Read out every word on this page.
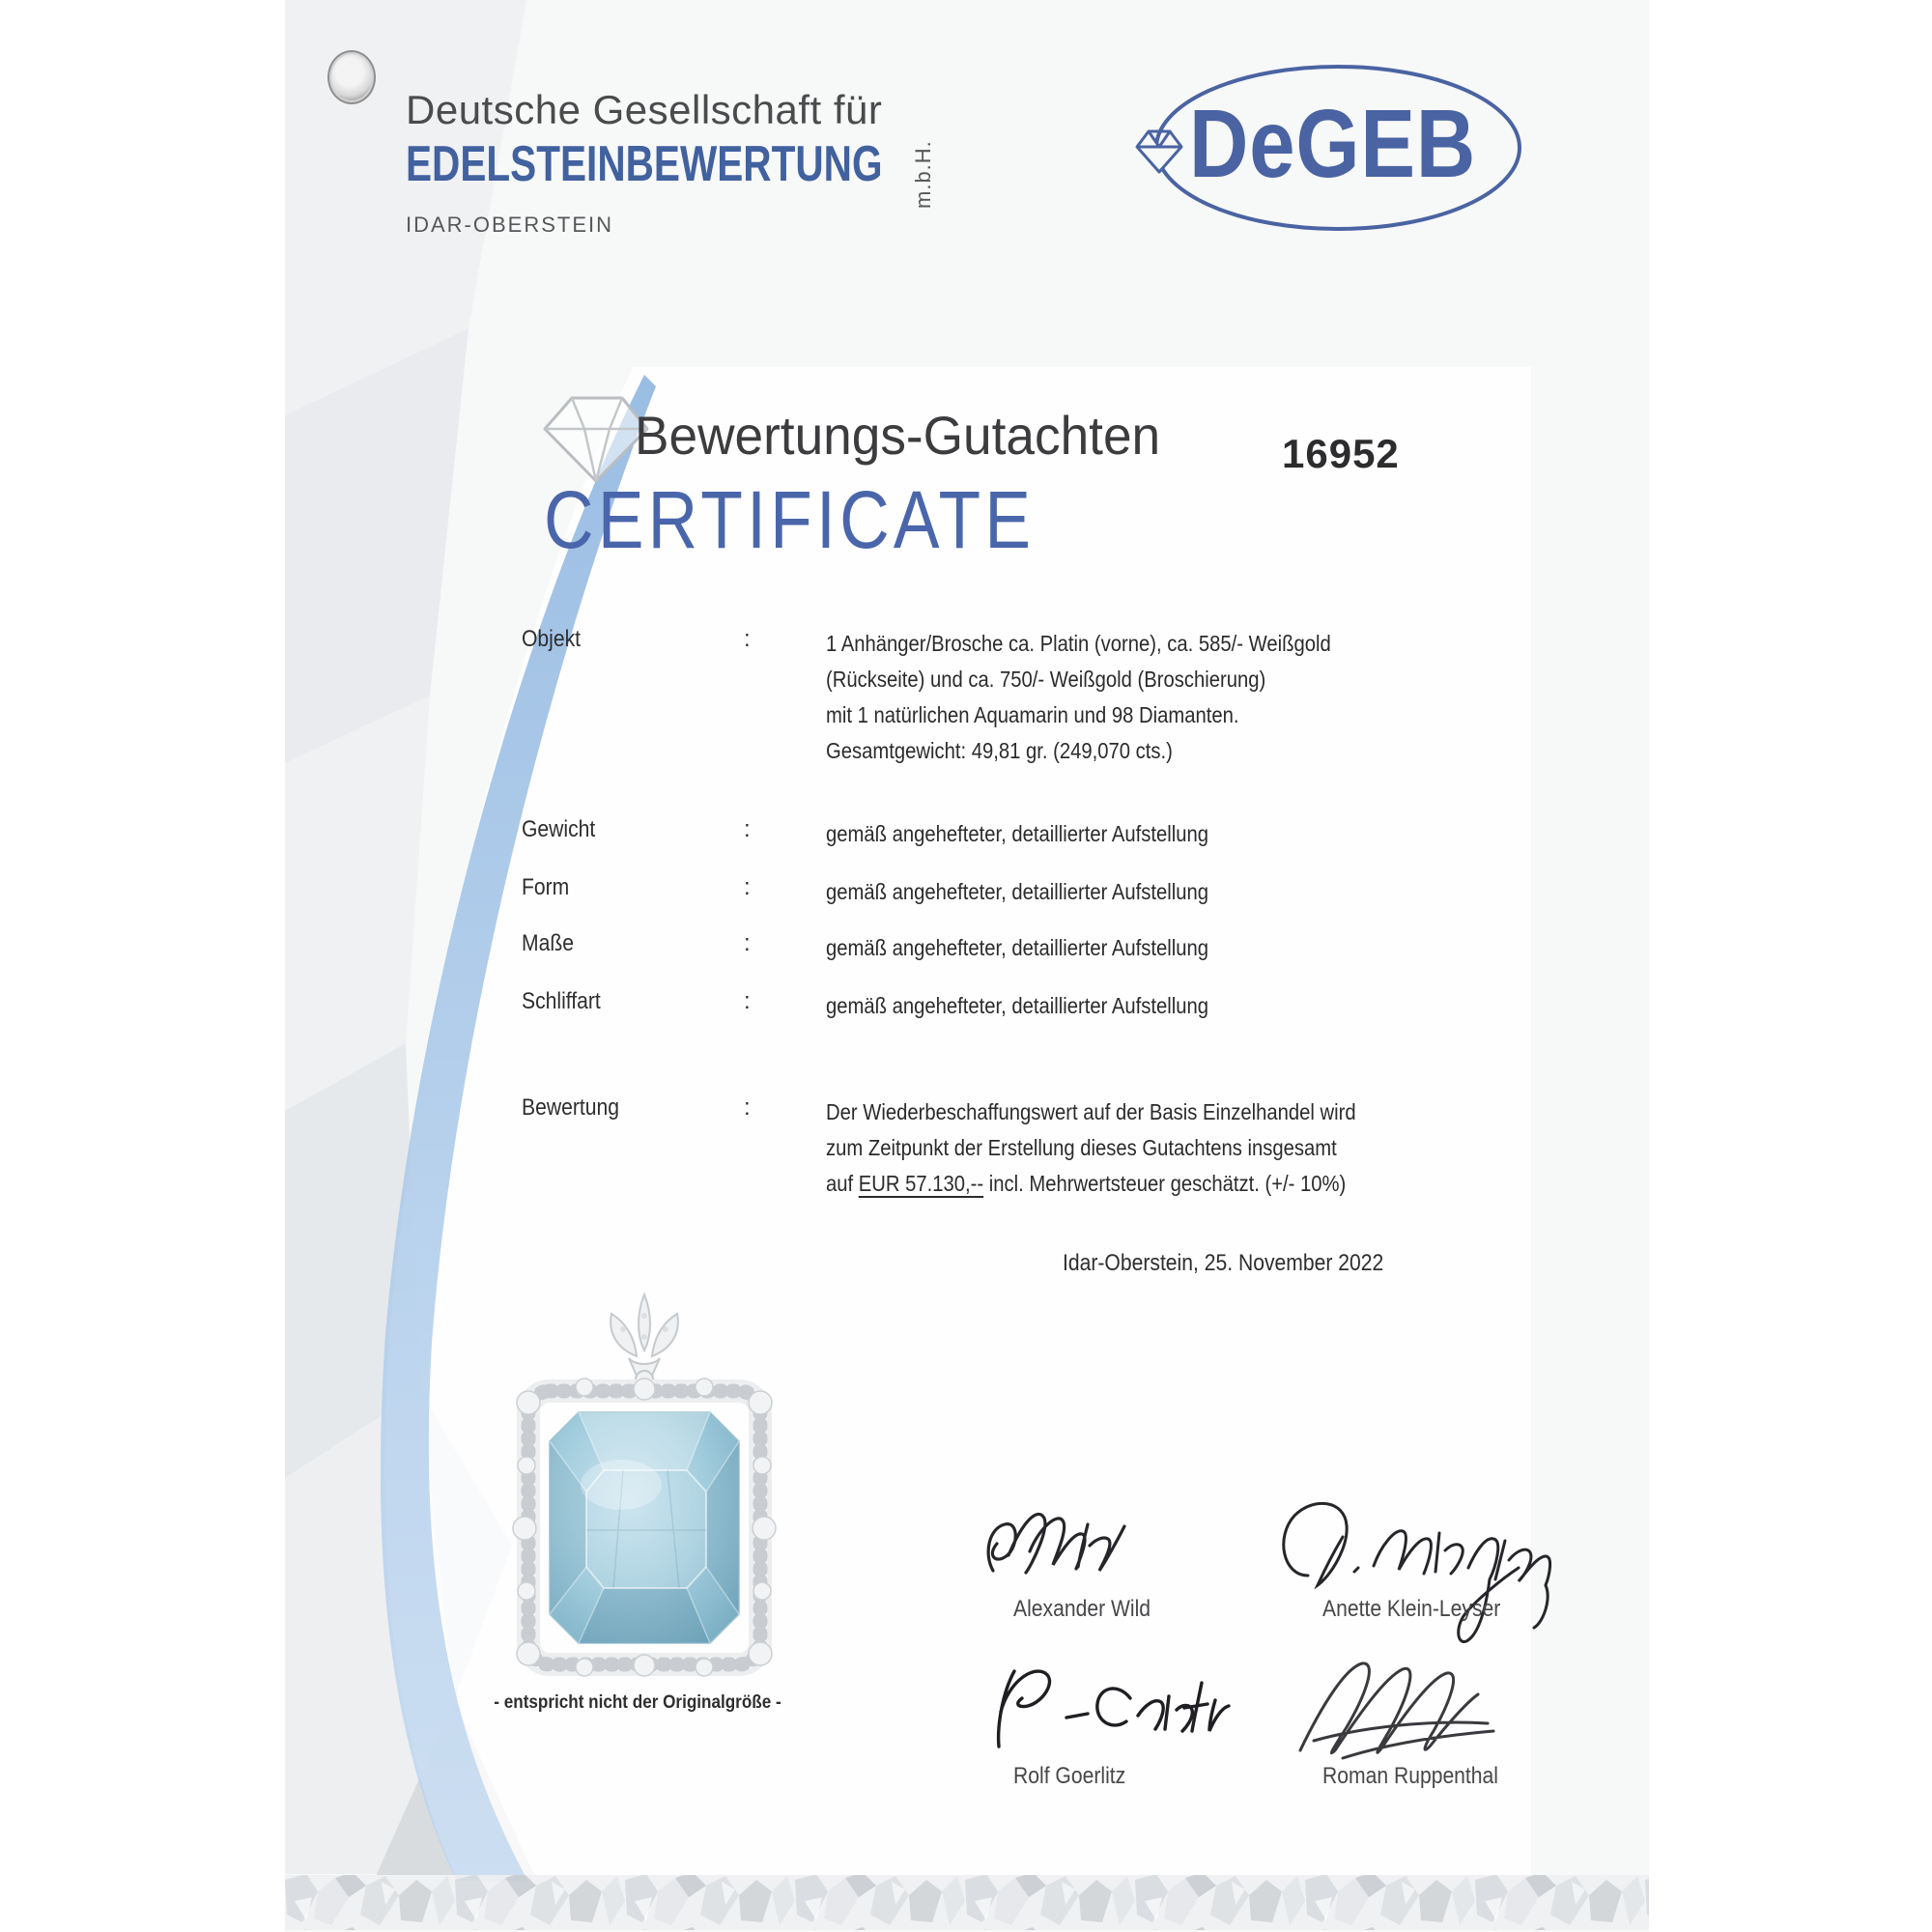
Deutsche Gesellschaft für
EDELSTEINBEWERTUNG
IDAR-OBERSTEIN
m.b.H.	DeGEB
Bewertungs-Gutachten	16952
CERTIFICATE
Objekt	:	1 Anhänger/Brosche ca. Platin (vorne), ca. 585/- Weißgold
(Rückseite) und ca. 750/- Weißgold (Broschierung)
mit 1 natürlichen Aquamarin und 98 Diamanten.
Gesamtgewicht: 49,81 gr. (249,070 cts.)
Gewicht	:	gemäß angehefteter, detaillierter Aufstellung
Form	:	gemäß angehefteter, detaillierter Aufstellung
Maße	:	gemäß angehefteter, detaillierter Aufstellung
Schliffart	:	gemäß angehefteter, detaillierter Aufstellung
Bewertung	:	Der Wiederbeschaffungswert auf der Basis Einzelhandel wird
zum Zeitpunkt der Erstellung dieses Gutachtens insgesamt
auf EUR 57.130,-- incl. Mehrwertsteuer geschätzt. (+/- 10%)
Idar-Oberstein, 25. November 2022
- entspricht nicht der Originalgröße -
Alexander Wild	Anette Klein-Leyser
Rolf Goerlitz	Roman Ruppenthal
